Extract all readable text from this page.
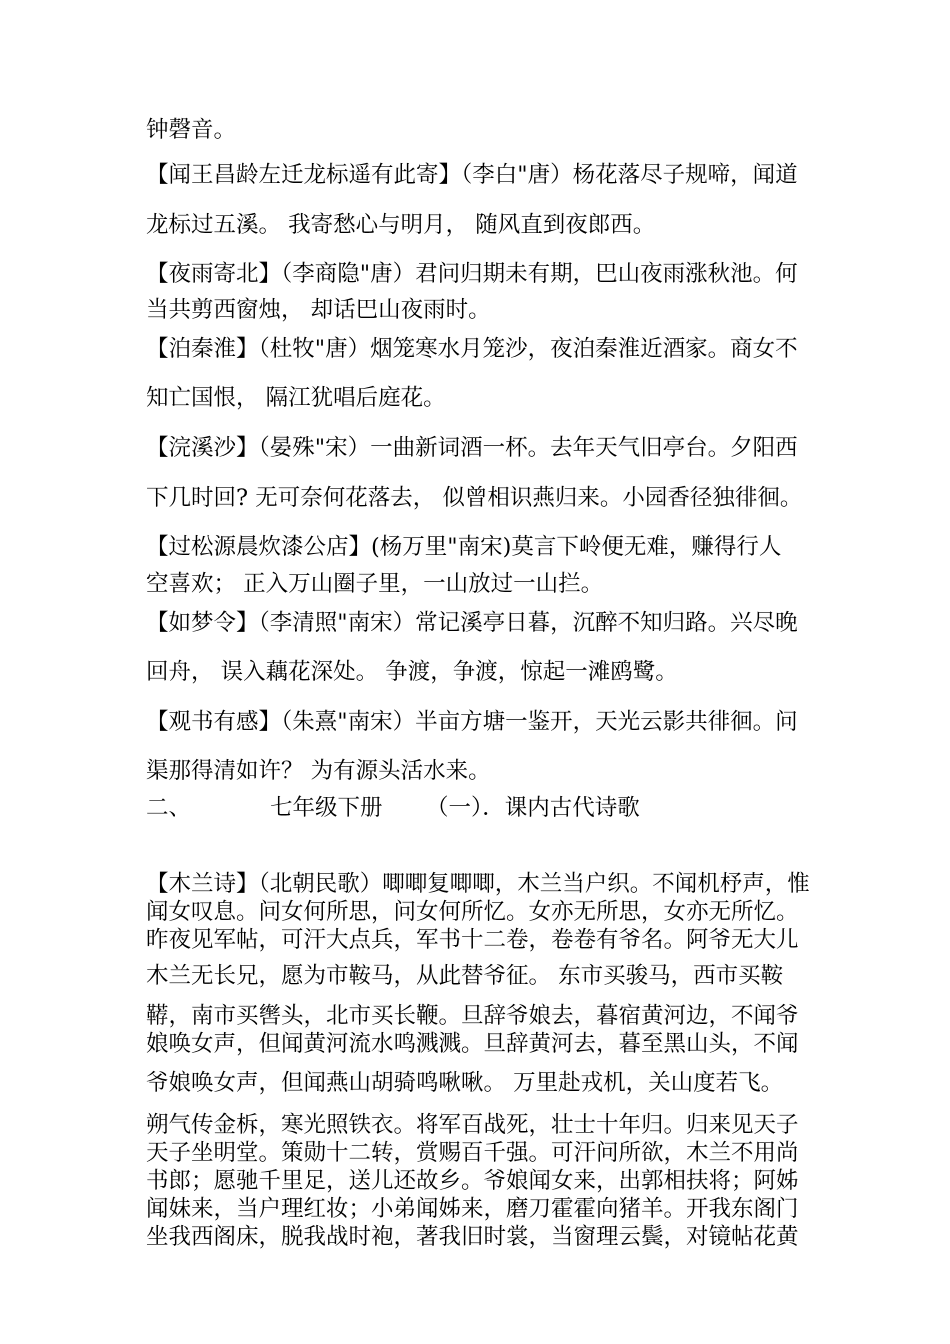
钟磬音。
【闻王昌龄左迁龙标遥有此寄】（李白"唐）杨花落尽子规啼，闻道
龙标过五溪。 我寄愁心与明月， 随风直到夜郎西。
【夜雨寄北】（李商隐"唐）君问归期未有期，巴山夜雨涨秋池。何
当共剪西窗烛， 却话巴山夜雨时。
【泊秦淮】（杜牧"唐）烟笼寒水月笼沙，夜泊秦淮近酒家。商女不
知亡国恨， 隔江犹唱后庭花。
【浣溪沙】（晏殊"宋）一曲新词酒一杯。去年天气旧亭台。夕阳西
下几时回? 无可奈何花落去， 似曾相识燕归来。小园香径独徘徊。
【过松源晨炊漆公店】(杨万里"南宋)莫言下岭便无难，赚得行人
空喜欢； 正入万山圈子里，一山放过一山拦。
【如梦令】（李清照"南宋）常记溪亭日暮，沉醉不知归路。兴尽晚
回舟， 误入藕花深处。 争渡，争渡，惊起一滩鸥鹭。
【观书有感】（朱熹"南宋）半亩方塘一鉴开，天光云影共徘徊。问
渠那得清如许？ 为有源头活水来。
二、	七年级下册 （一）．课内古代诗歌
【木兰诗】（北朝民歌）唧唧复唧唧，木兰当户织。不闻机杼声，惟
闻女叹息。问女何所思，问女何所忆。女亦无所思，女亦无所忆。
昨夜见军帖，可汗大点兵，军书十二卷，卷卷有爷名。阿爷无大儿
木兰无长兄，愿为市鞍马，从此替爷征。 东市买骏马，西市买鞍
鞯，南市买辔头，北市买长鞭。旦辞爷娘去，暮宿黄河边，不闻爷
娘唤女声，但闻黄河流水鸣溅溅。旦辞黄河去，暮至黑山头，不闻
爷娘唤女声，但闻燕山胡骑鸣啾啾。 万里赴戎机，关山度若飞。
朔气传金柝，寒光照铁衣。将军百战死，壮士十年归。归来见天子
天子坐明堂。策勋十二转，赏赐百千强。可汗问所欲，木兰不用尚
书郎；愿驰千里足，送儿还故乡。爷娘闻女来，出郭相扶将；阿姊
闻妹来，当户理红妆；小弟闻姊来，磨刀霍霍向猪羊。开我东阁门
坐我西阁床，脱我战时袍，著我旧时裳，当窗理云鬓，对镜帖花黄
